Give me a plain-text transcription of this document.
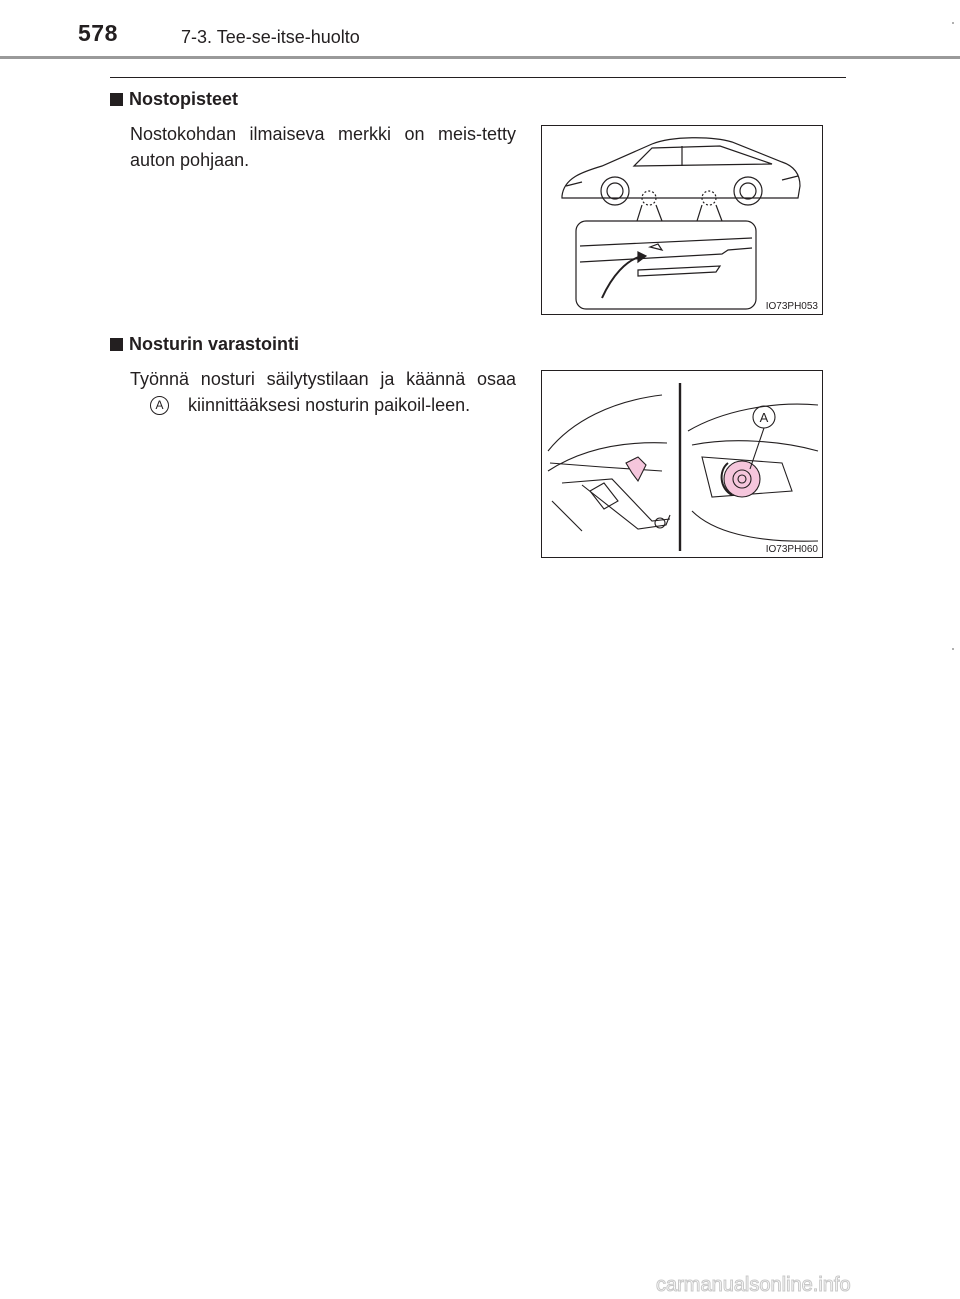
578	7-3. Tee-se-itse-huolto
Nostopisteet
Nostokohdan ilmaiseva merkki on meis-tetty auton pohjaan.
IO73PH053
Nosturin varastointi
Työnnä nosturi säilytystilaan ja käännä osaa A kiinnittääksesi nosturin paikoil-leen.
A
IO73PH060
carmanualsonline.info
